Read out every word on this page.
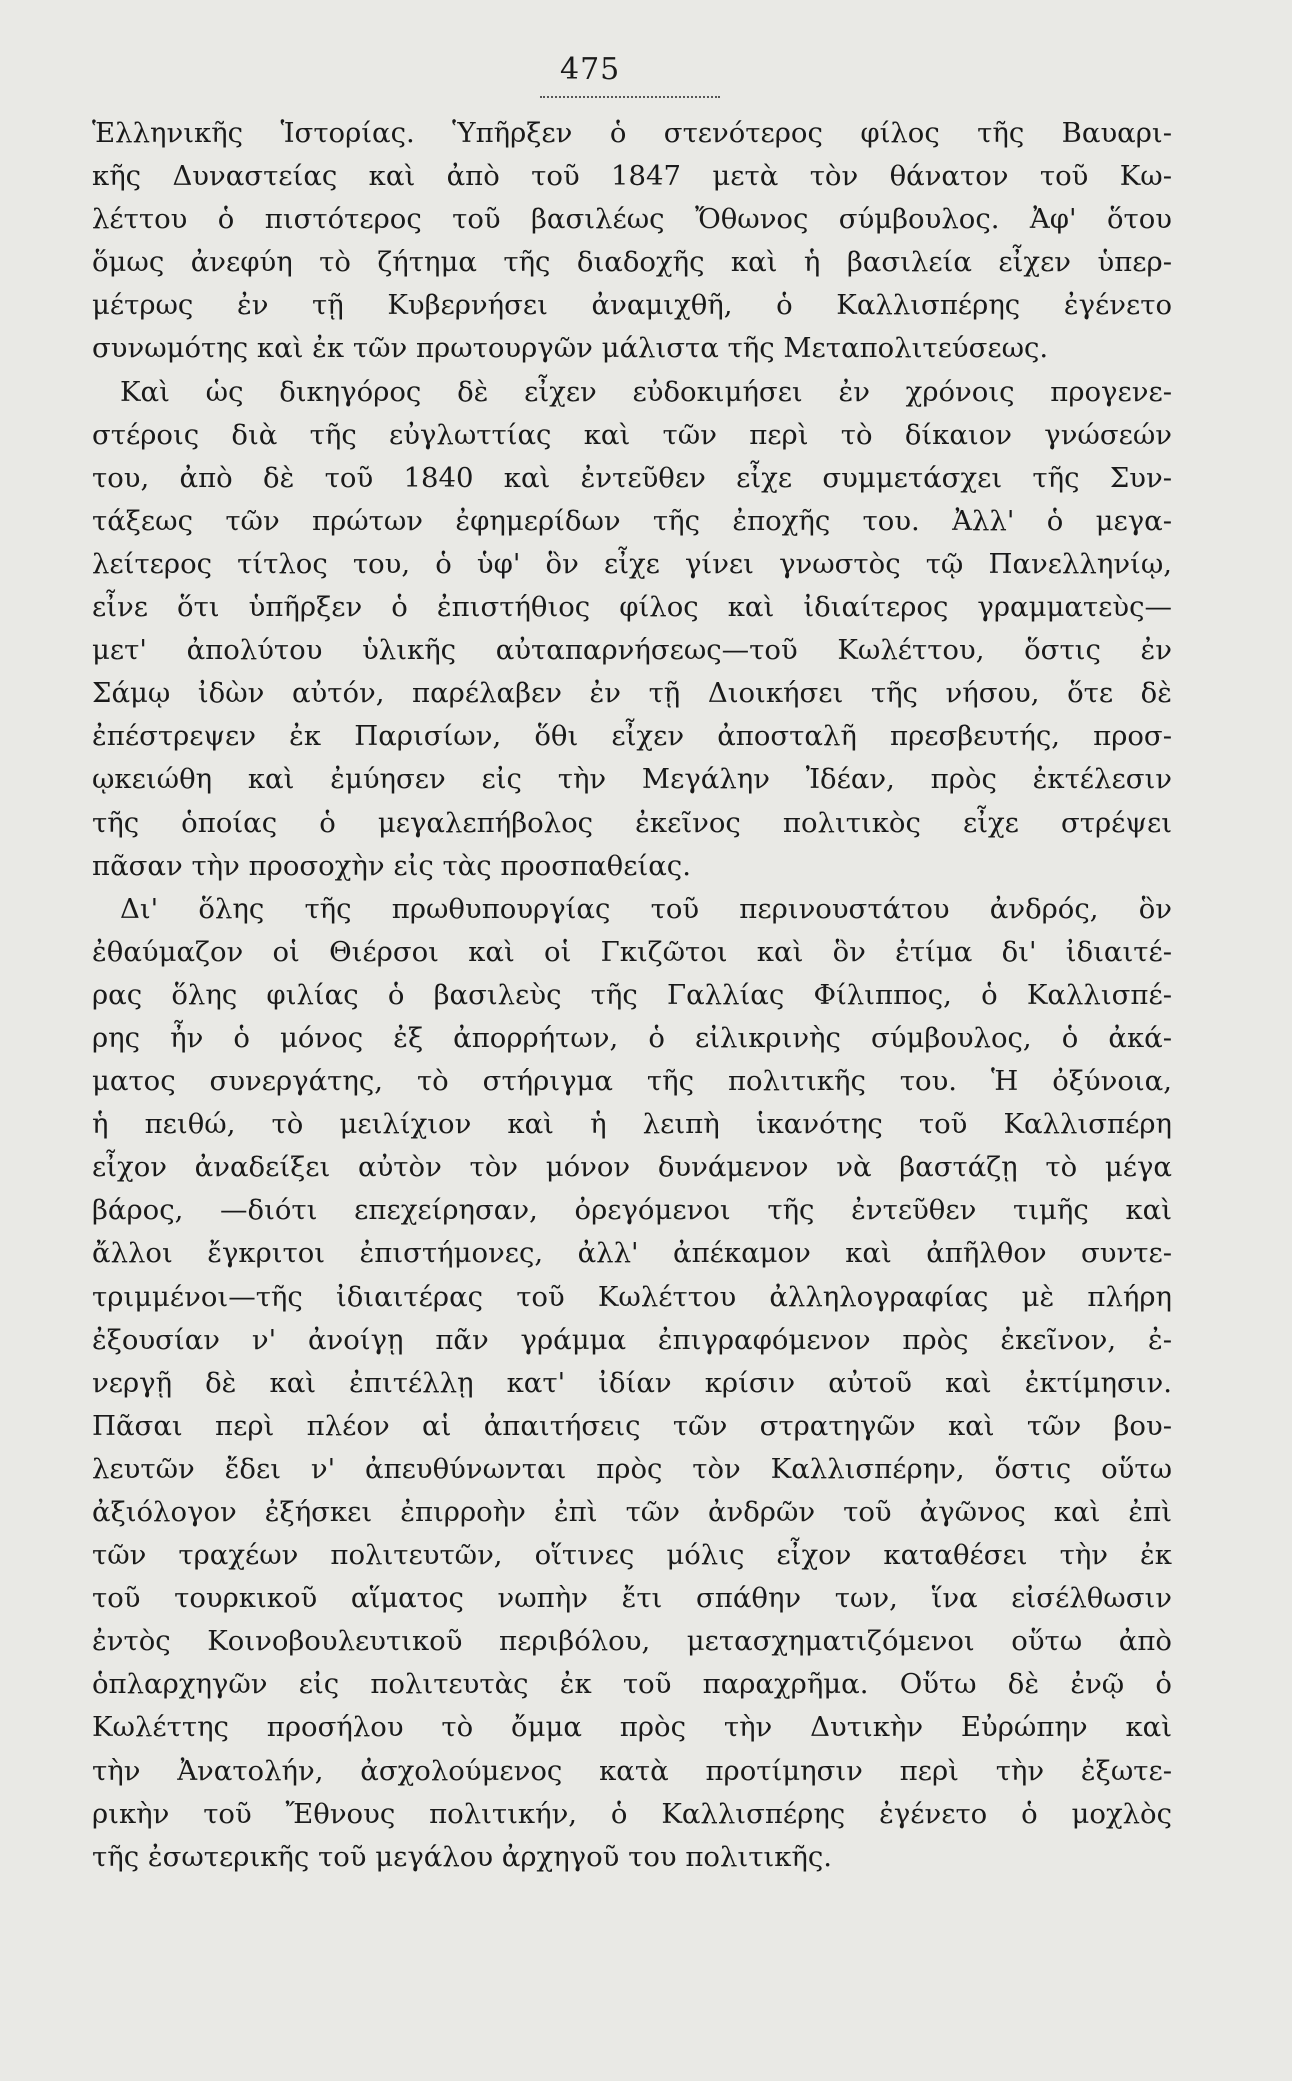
475
Ἑλληνικῆς Ἱστορίας. Ὑπῆρξεν ὁ στενότερος φίλος τῆς Βαυαρι-
κῆς Δυναστείας καὶ ἀπὸ τοῦ 1847 μετὰ τὸν θάνατον τοῦ Κω-
λέττου ὁ πιστότερος τοῦ βασιλέως Ὄθωνος σύμβουλος. Ἀφ' ὅτου
ὅμως ἀνεφύη τὸ ζήτημα τῆς διαδοχῆς καὶ ἡ βασιλεία εἶχεν ὑπερ-
μέτρως ἐν τῇ Κυβερνήσει ἀναμιχθῆ, ὁ Καλλισπέρης ἐγένετο
συνωμότης καὶ ἐκ τῶν πρωτουργῶν μάλιστα τῆς Μεταπολιτεύσεως.
Καὶ ὡς δικηγόρος δὲ εἶχεν εὐδοκιμήσει ἐν χρόνοις προγενε-
στέροις διὰ τῆς εὐγλωττίας καὶ τῶν περὶ τὸ δίκαιον γνώσεών
του, ἀπὸ δὲ τοῦ 1840 καὶ ἐντεῦθεν εἶχε συμμετάσχει τῆς Συν-
τάξεως τῶν πρώτων ἐφημερίδων τῆς ἐποχῆς του. Ἀλλ' ὁ μεγα-
λείτερος τίτλος του, ὁ ὑφ' ὃν εἶχε γίνει γνωστὸς τῷ Πανελληνίῳ,
εἶνε ὅτι ὑπῆρξεν ὁ ἐπιστήθιος φίλος καὶ ἰδιαίτερος γραμματεὺς—
μετ' ἀπολύτου ὑλικῆς αὐταπαρνήσεως—τοῦ Κωλέττου, ὅστις ἐν
Σάμῳ ἰδὼν αὐτόν, παρέλαβεν ἐν τῇ Διοικήσει τῆς νήσου, ὅτε δὲ
ἐπέστρεψεν ἐκ Παρισίων, ὅθι εἶχεν ἀποσταλῆ πρεσβευτής, προσ-
ῳκειώθη καὶ ἐμύησεν εἰς τὴν Μεγάλην Ἰδέαν, πρὸς ἐκτέλεσιν
τῆς ὁποίας ὁ μεγαλεπήβολος ἐκεῖνος πολιτικὸς εἶχε στρέψει
πᾶσαν τὴν προσοχὴν εἰς τὰς προσπαθείας.
Δι' ὅλης τῆς πρωθυπουργίας τοῦ περινουστάτου ἀνδρός, ὃν
ἐθαύμαζον οἱ Θιέρσοι καὶ οἱ Γκιζῶτοι καὶ ὃν ἐτίμα δι' ἰδιαιτέ-
ρας ὅλης φιλίας ὁ βασιλεὺς τῆς Γαλλίας Φίλιππος, ὁ Καλλισπέ-
ρης ἦν ὁ μόνος ἐξ ἀπορρήτων, ὁ εἰλικρινὴς σύμβουλος, ὁ ἀκά-
ματος συνεργάτης, τὸ στήριγμα τῆς πολιτικῆς του. Ἡ ὀξύνοια,
ἡ πειθώ, τὸ μειλίχιον καὶ ἡ λειπὴ ἱκανότης τοῦ Καλλισπέρη
εἶχον ἀναδείξει αὐτὸν τὸν μόνον δυνάμενον νὰ βαστάζῃ τὸ μέγα
βάρος, —διότι επεχείρησαν, ὀρεγόμενοι τῆς ἐντεῦθεν τιμῆς καὶ
ἄλλοι ἔγκριτοι ἐπιστήμονες, ἀλλ' ἀπέκαμον καὶ ἀπῆλθον συντε-
τριμμένοι—τῆς ἰδιαιτέρας τοῦ Κωλέττου ἀλληλογραφίας μὲ πλήρη
ἐξουσίαν ν' ἀνοίγῃ πᾶν γράμμα ἐπιγραφόμενον πρὸς ἐκεῖνον, ἐ-
νεργῇ δὲ καὶ ἐπιτέλλῃ κατ' ἰδίαν κρίσιν αὐτοῦ καὶ ἐκτίμησιν.
Πᾶσαι περὶ πλέον αἱ ἀπαιτήσεις τῶν στρατηγῶν καὶ τῶν βου-
λευτῶν ἔδει ν' ἀπευθύνωνται πρὸς τὸν Καλλισπέρην, ὅστις οὕτω
ἀξιόλογον ἐξήσκει ἐπιρροὴν ἐπὶ τῶν ἀνδρῶν τοῦ ἀγῶνος καὶ ἐπὶ
τῶν τραχέων πολιτευτῶν, οἵτινες μόλις εἶχον καταθέσει τὴν ἐκ
τοῦ τουρκικοῦ αἵματος νωπὴν ἔτι σπάθην των, ἵνα εἰσέλθωσιν
ἐντὸς Κοινοβουλευτικοῦ περιβόλου, μετασχηματιζόμενοι οὕτω ἀπὸ
ὁπλαρχηγῶν εἰς πολιτευτὰς ἐκ τοῦ παραχρῆμα. Οὕτω δὲ ἐνῷ ὁ
Κωλέττης προσήλου τὸ ὄμμα πρὸς τὴν Δυτικὴν Εὐρώπην καὶ
τὴν Ἀνατολήν, ἀσχολούμενος κατὰ προτίμησιν περὶ τὴν ἐξωτε-
ρικὴν τοῦ Ἔθνους πολιτικήν, ὁ Καλλισπέρης ἐγένετο ὁ μοχλὸς
τῆς ἐσωτερικῆς τοῦ μεγάλου ἀρχηγοῦ του πολιτικῆς.
